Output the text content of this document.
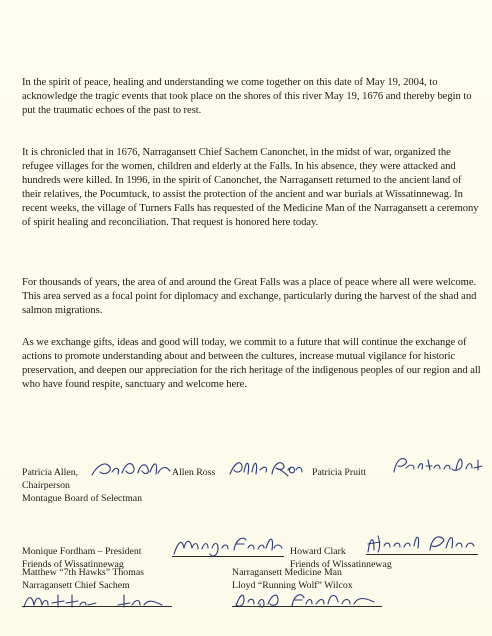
In the spirit of peace, healing and understanding we come together on this date of May 19, 2004, to acknowledge the tragic events that took place on the shores of this river May 19, 1676 and thereby begin to put the traumatic echoes of the past to rest.

It is chronicled that in 1676, Narragansett Chief Sachem Canonchet, in the midst of war, organized the refugee villages for the women, children and elderly at the Falls. In his absence, they were attacked and hundreds were killed. In 1996, in the spirit of Canonchet, the Narragansett returned to the ancient land of their relatives, the Pocumtuck, to assist the protection of the ancient and war burials at Wissatinnewag. In recent weeks, the village of Turners Falls has requested of the Medicine Man of the Narragansett a ceremony of spirit healing and reconciliation. That request is honored here today.

For thousands of years, the area of and around the Great Falls was a place of peace where all were welcome. This area served as a focal point for diplomacy and exchange, particularly during the harvest of the shad and salmon migrations.

As we exchange gifts, ideas and good will today, we commit to a future that will continue the exchange of actions to promote understanding about and between the cultures, increase mutual vigilance for historic preservation, and deepen our appreciation for the rich heritage of the indigenous peoples of our region and all who have found respite, sanctuary and welcome here.

Patricia Allen,
Chairperson
Montague Board of Selectman
Allen Ross	Patricia Pruitt
Monique Fordham – President
Friends of Wissatinnewag
Howard Clark
Friends of Wissatinnewag
Matthew “7th Hawks” Thomas
Narragansett Chief Sachem
Narragansett Medicine Man
Lloyd “Running Wolf” Wilcox
